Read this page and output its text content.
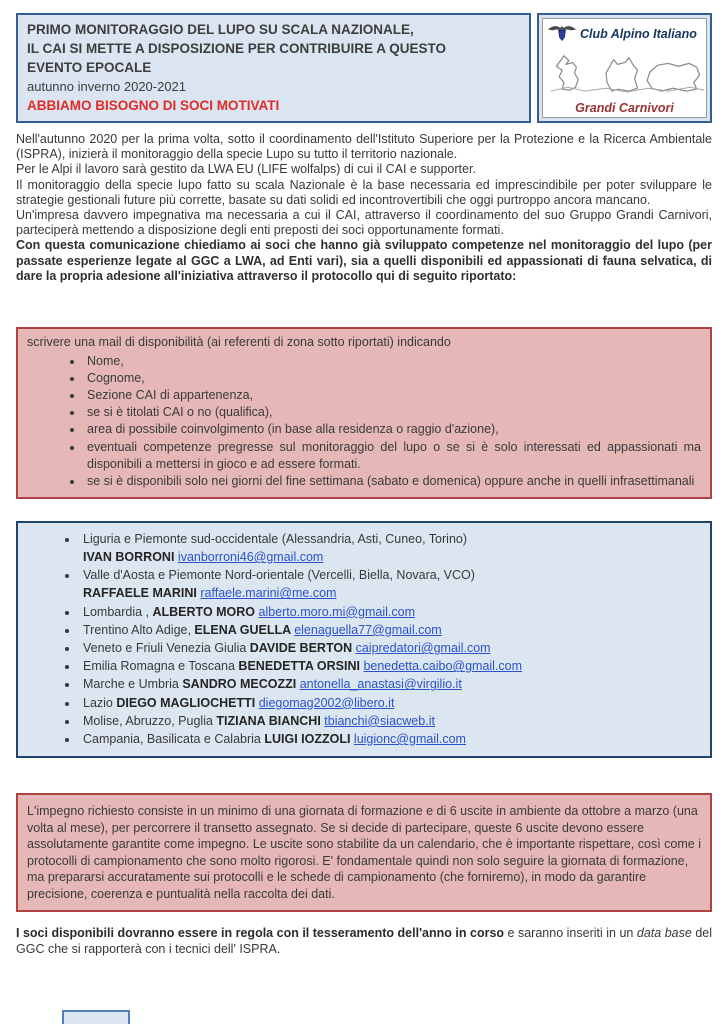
PRIMO MONITORAGGIO DEL LUPO SU SCALA NAZIONALE,
IL CAI SI METTE A DISPOSIZIONE PER CONTRIBUIRE A QUESTO
EVENTO EPOCALE
autunno inverno 2020-2021
ABBIAMO BISOGNO DI SOCI MOTIVATI
Club Alpino Italiano
Grandi Carnivori

Nell'autunno 2020 per la prima volta, sotto il coordinamento dell'Istituto Superiore per la Protezione e la Ricerca Ambientale (ISPRA), inizierà il monitoraggio della specie Lupo su tutto il territorio nazionale.

Per le Alpi il lavoro sarà gestito da LWA EU (LIFE wolfalps) di cui il CAI e supporter.

Il monitoraggio della specie lupo fatto su scala Nazionale è la base necessaria ed imprescindibile per poter sviluppare le strategie gestionali future più corrette, basate su dati solidi ed incontrovertibili che oggi purtroppo ancora mancano.

Un'impresa davvero impegnativa ma necessaria a cui il CAI, attraverso il coordinamento del suo Gruppo Grandi Carnivori, parteciperà mettendo a disposizione degli enti preposti dei soci opportunamente formati.

Con questa comunicazione chiediamo ai soci che hanno già sviluppato competenze nel monitoraggio del lupo (per passate esperienze legate al GGC a LWA, ad Enti vari), sia a quelli disponibili ed appassionati di fauna selvatica, di dare la propria adesione all'iniziativa attraverso il protocollo qui di seguito riportato:

scrivere una mail di disponibilità (ai referenti di zona sotto riportati) indicando
• Nome,
• Cognome,
• Sezione CAI di appartenenza,
• se si è titolati CAI o no (qualifica),
• area di possibile coinvolgimento (in base alla residenza o raggio d'azione),
• eventuali competenze pregresse sul monitoraggio del lupo o se si è solo interessati ed appassionati ma disponibili a mettersi in gioco e ad essere formati.
• se si è disponibili solo nei giorni del fine settimana (sabato e domenica) oppure anche in quelli infrasettimanali
• Liguria e Piemonte sud-occidentale (Alessandria, Asti, Cuneo, Torino)
IVAN BORRONI ivanborroni46@gmail.com
• Valle d'Aosta e Piemonte Nord-orientale (Vercelli, Biella, Novara, VCO)
RAFFAELE MARINI raffaele.marini@me.com
• Lombardia , ALBERTO MORO alberto.moro.mi@gmail.com
• Trentino Alto Adige, ELENA GUELLA elenaguella77@gmail.com
• Veneto e Friuli Venezia Giulia DAVIDE BERTON caipredatori@gmail.com
• Emilia Romagna e Toscana BENEDETTA ORSINI benedetta.caibo@gmail.com
• Marche e Umbria SANDRO MECOZZI antonella_anastasi@virgilio.it
• Lazio DIEGO MAGLIOCHETTI diegomag2002@libero.it
• Molise, Abruzzo, Puglia TIZIANA BIANCHI tbianchi@siacweb.it
• Campania, Basilicata e Calabria LUIGI IOZZOLI luigionc@gmail.com
L'impegno richiesto consiste in un minimo di una giornata di formazione e di 6 uscite in ambiente da ottobre a marzo (una volta al mese), per percorrere il transetto assegnato. Se si decide di partecipare, queste 6 uscite devono essere assolutamente garantite come impegno. Le uscite sono stabilite da un calendario, che è importante rispettare, così come i protocolli di campionamento che sono molto rigorosi. E' fondamentale quindi non solo seguire la giornata di formazione, ma prepararsi accuratamente sui protocolli e le schede di campionamento (che forniremo), in modo da garantire precisione, coerenza e puntualità nella raccolta dei dati.

I soci disponibili dovranno essere in regola con il tesseramento dell'anno in corso e saranno inseriti in un data base del GGC che si rapporterà con i tecnici dell' ISPRA.
